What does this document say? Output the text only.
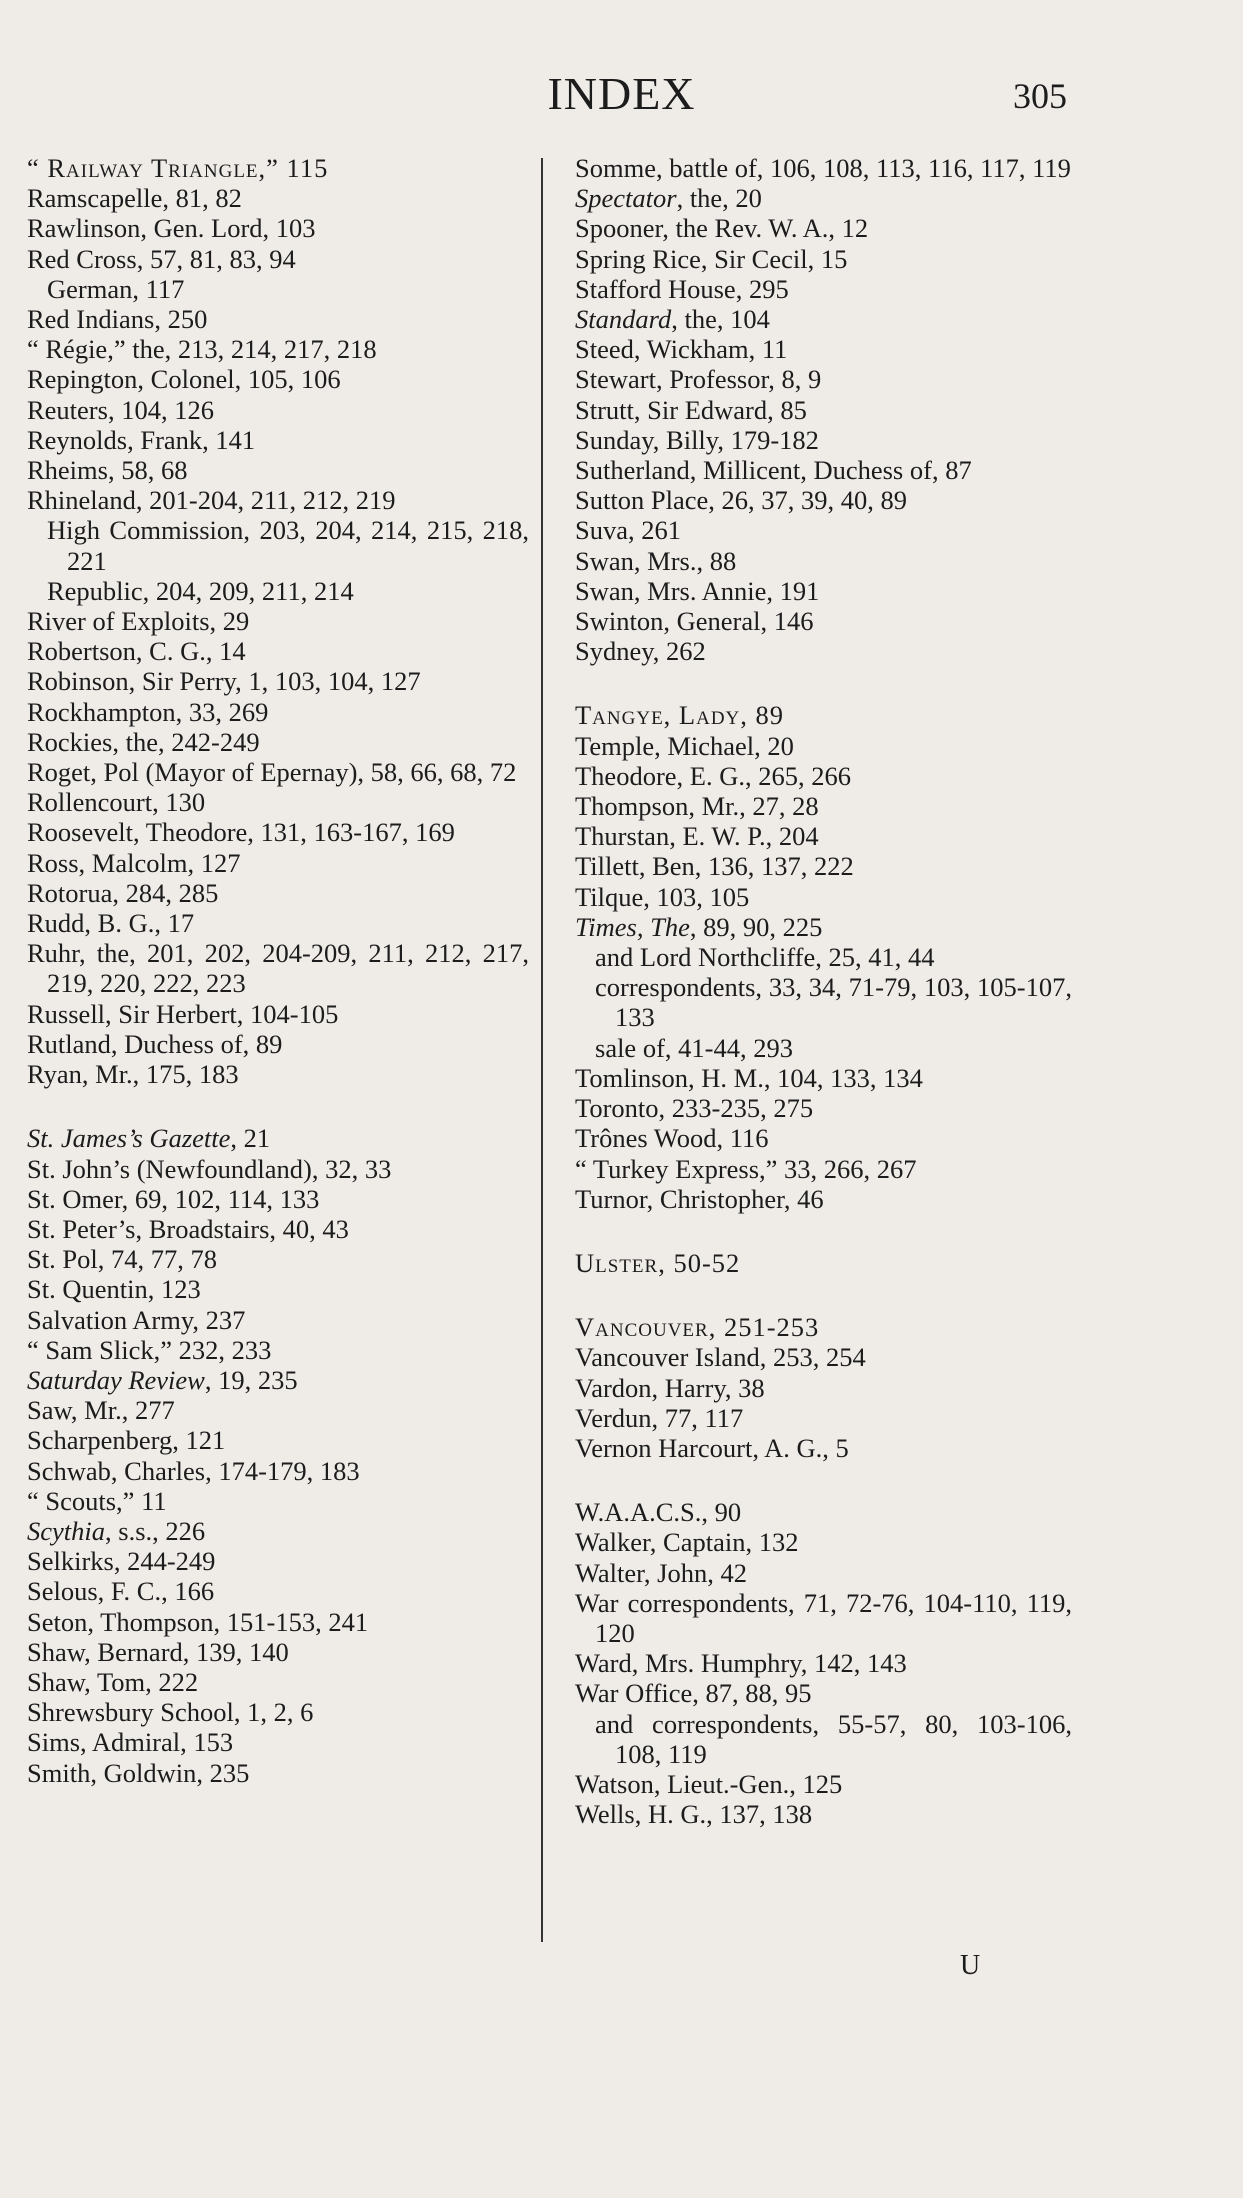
INDEX	305
“ Railway Triangle,” 115
Ramscapelle, 81, 82
Rawlinson, Gen. Lord, 103
Red Cross, 57, 81, 83, 94
German, 117
Red Indians, 250
“ Régie,” the, 213, 214, 217, 218
Repington, Colonel, 105, 106
Reuters, 104, 126
Reynolds, Frank, 141
Rheims, 58, 68
Rhineland, 201-204, 211, 212, 219
High Commission, 203, 204, 214, 215, 218, 221
Republic, 204, 209, 211, 214
River of Exploits, 29
Robertson, C. G., 14
Robinson, Sir Perry, 1, 103, 104, 127
Rockhampton, 33, 269
Rockies, the, 242-249
Roget, Pol (Mayor of Epernay), 58, 66, 68, 72
Rollencourt, 130
Roosevelt, Theodore, 131, 163-167, 169
Ross, Malcolm, 127
Rotorua, 284, 285
Rudd, B. G., 17
Ruhr, the, 201, 202, 204-209, 211, 212, 217, 219, 220, 222, 223
Russell, Sir Herbert, 104-105
Rutland, Duchess of, 89
Ryan, Mr., 175, 183
St. James’s Gazette, 21
St. John’s (Newfoundland), 32, 33
St. Omer, 69, 102, 114, 133
St. Peter’s, Broadstairs, 40, 43
St. Pol, 74, 77, 78
St. Quentin, 123
Salvation Army, 237
“ Sam Slick,” 232, 233
Saturday Review, 19, 235
Saw, Mr., 277
Scharpenberg, 121
Schwab, Charles, 174-179, 183
“ Scouts,” 11
Scythia, s.s., 226
Selkirks, 244-249
Selous, F. C., 166
Seton, Thompson, 151-153, 241
Shaw, Bernard, 139, 140
Shaw, Tom, 222
Shrewsbury School, 1, 2, 6
Sims, Admiral, 153
Smith, Goldwin, 235
Somme, battle of, 106, 108, 113, 116, 117, 119
Spectator, the, 20
Spooner, the Rev. W. A., 12
Spring Rice, Sir Cecil, 15
Stafford House, 295
Standard, the, 104
Steed, Wickham, 11
Stewart, Professor, 8, 9
Strutt, Sir Edward, 85
Sunday, Billy, 179-182
Sutherland, Millicent, Duchess of, 87
Sutton Place, 26, 37, 39, 40, 89
Suva, 261
Swan, Mrs., 88
Swan, Mrs. Annie, 191
Swinton, General, 146
Sydney, 262
Tangye, Lady, 89
Temple, Michael, 20
Theodore, E. G., 265, 266
Thompson, Mr., 27, 28
Thurstan, E. W. P., 204
Tillett, Ben, 136, 137, 222
Tilque, 103, 105
Times, The, 89, 90, 225
and Lord Northcliffe, 25, 41, 44
correspondents, 33, 34, 71-79, 103, 105-107, 133
sale of, 41-44, 293
Tomlinson, H. M., 104, 133, 134
Toronto, 233-235, 275
Trônes Wood, 116
“ Turkey Express,” 33, 266, 267
Turnor, Christopher, 46
Ulster, 50-52
Vancouver, 251-253
Vancouver Island, 253, 254
Vardon, Harry, 38
Verdun, 77, 117
Vernon Harcourt, A. G., 5
W.A.A.C.S., 90
Walker, Captain, 132
Walter, John, 42
War correspondents, 71, 72-76, 104-110, 119, 120
Ward, Mrs. Humphry, 142, 143
War Office, 87, 88, 95
and correspondents, 55-57, 80, 103-106, 108, 119
Watson, Lieut.-Gen., 125
Wells, H. G., 137, 138
U
